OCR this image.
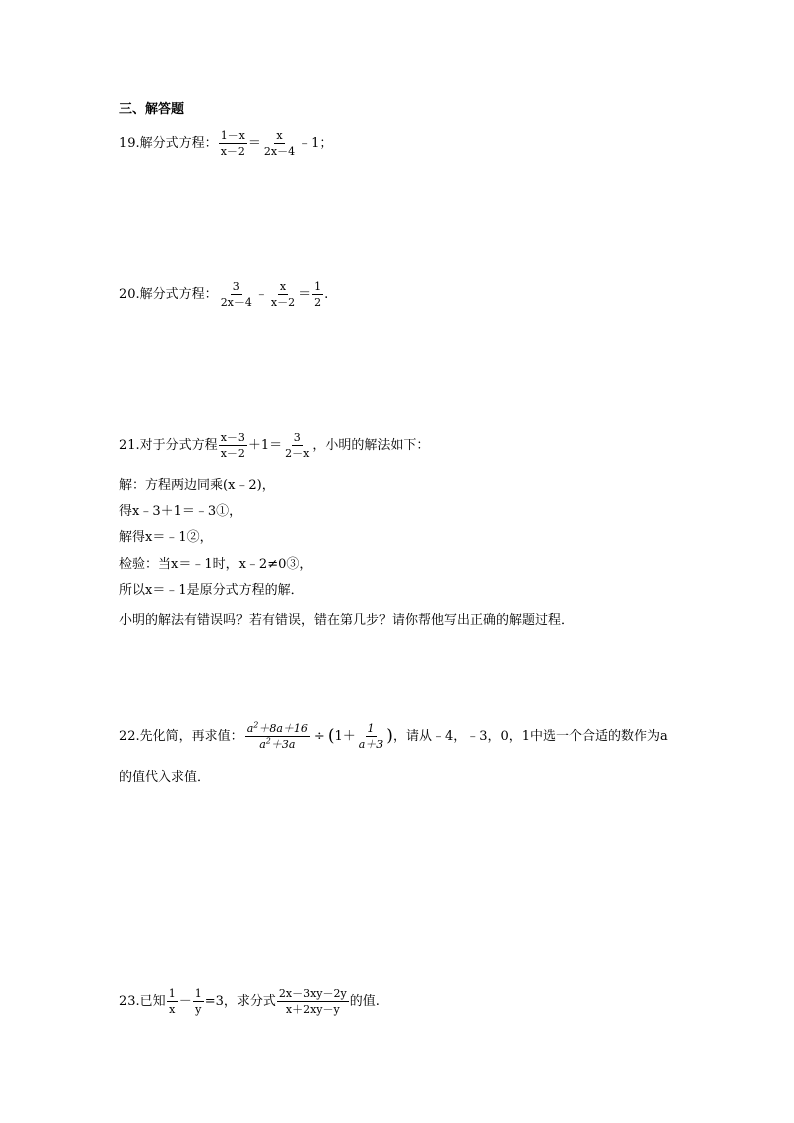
三、解答题
19.解分式方程： $\frac{1-x}{x-2} = \frac{x}{2x-4}$ ﹣1；
20.解分式方程： $\frac{3}{2x-4}$ ﹣ $\frac{x}{x-2} = \frac{1}{2}$ .
21.对于分式方程 $\frac{x-3}{x-2} +1= \frac{3}{2-x}$ ，小明的解法如下：
解：方程两边同乘(x﹣2)，
得x﹣3＋1＝﹣3①，
解得x＝﹣1②，
检验：当x＝﹣1时，x﹣2≠0③，
所以x＝﹣1是原分式方程的解．
小明的解法有错误吗？若有错误，错在第几步？请你帮他写出正确的解题过程．
22.先化简，再求值： $\frac{a^2+8a+16}{a^2+3a}$ ÷ ( $1+ \frac{1}{a+3}$ ) ，请从﹣4，﹣3，0，1中选一个合适的数作为a
的值代入求值．
23.已知 $\frac{1}{x} - \frac{1}{y} =3$，求分式 $\frac{2x-3xy-2y}{x+2xy-y}$ 的值.
